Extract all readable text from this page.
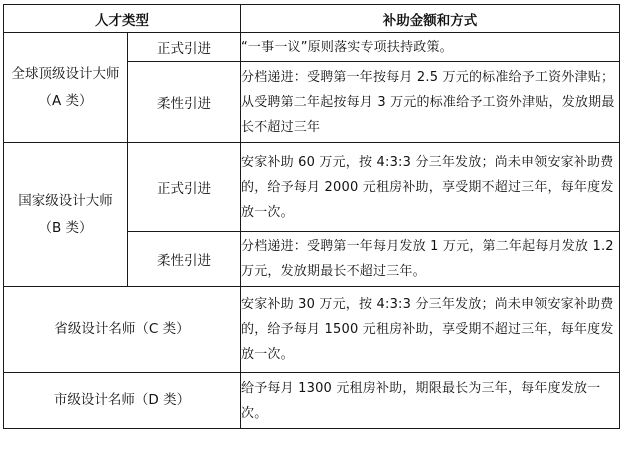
人才类型		补助金额和方式
全球顶级设计大师（A 类）	正式引进	“一事一议”原则落实专项扶持政策。
	柔性引进	分档递进：受聘第一年按每月 2.5 万元的标准给予工资外津贴；从受聘第二年起按每月 3 万元的标准给予工资外津贴，发放期最长不超过三年
国家级设计大师（B 类）	正式引进	安家补助 60 万元，按 4:3:3 分三年发放；尚未申领安家补助费的，给予每月 2000 元租房补助，享受期不超过三年，每年度发放一次。
	柔性引进	分档递进：受聘第一年每月发放 1 万元，第二年起每月发放 1.2 万元，发放期最长不超过三年。
省级设计名师（C 类）		安家补助 30 万元，按 4:3:3 分三年发放；尚未申领安家补助费的，给予每月 1500 元租房补助，享受期不超过三年，每年度发放一次。
市级设计名师（D 类）		给予每月 1300 元租房补助，期限最长为三年，每年度发放一次。
